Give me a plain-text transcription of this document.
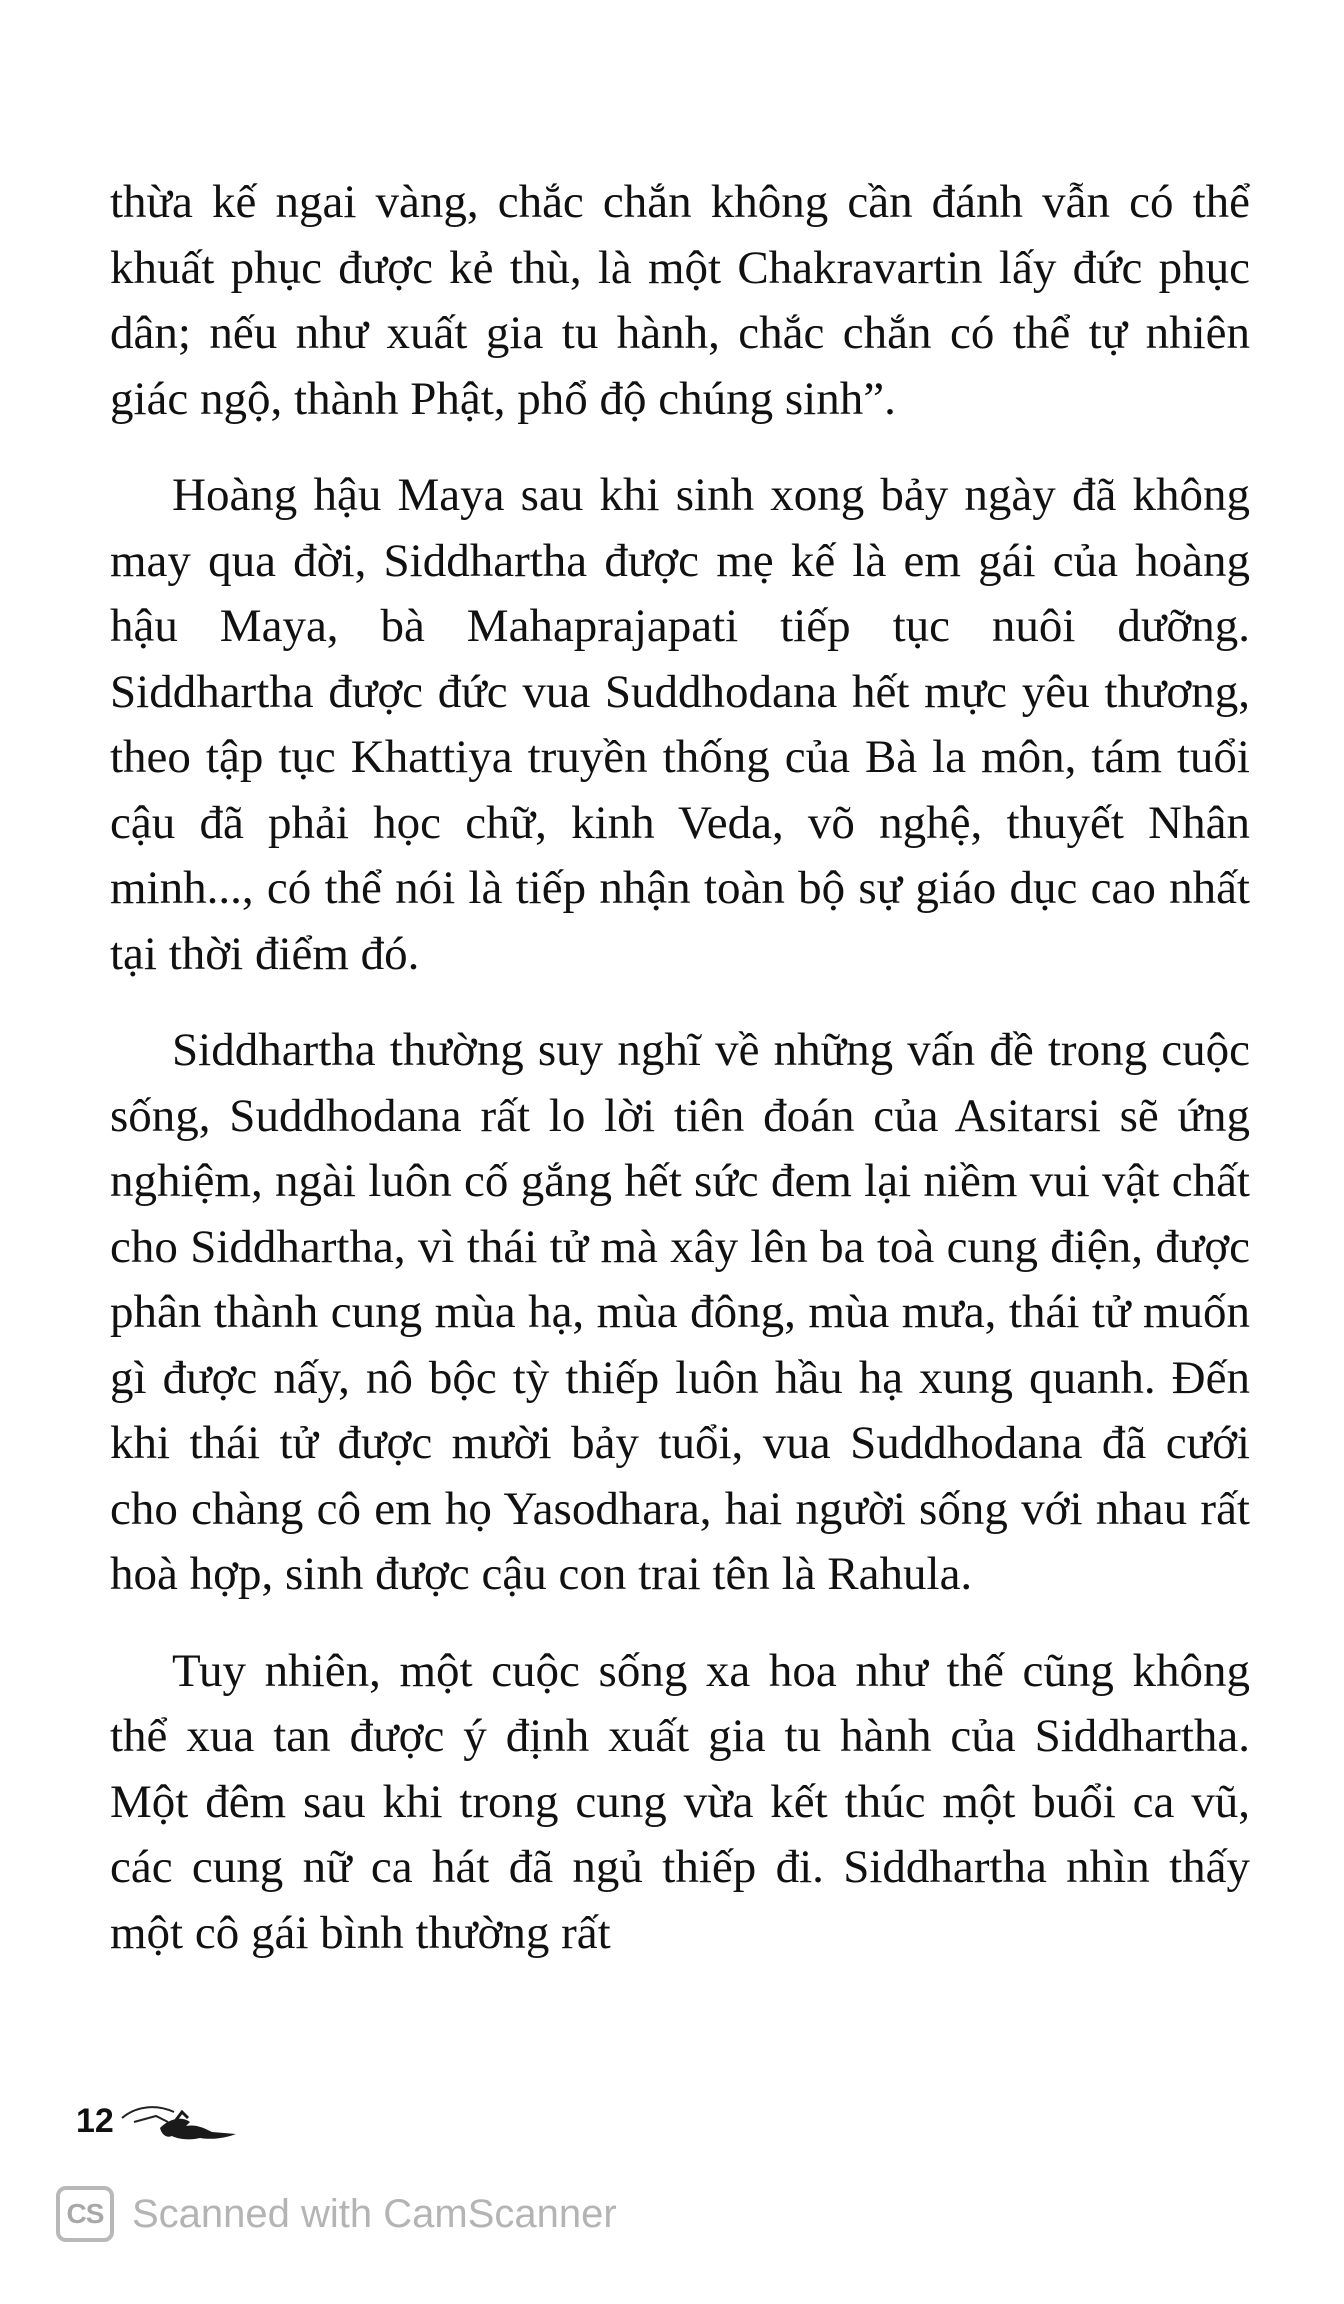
thừa kế ngai vàng, chắc chắn không cần đánh vẫn có thể khuất phục được kẻ thù, là một Chakravartin lấy đức phục dân; nếu như xuất gia tu hành, chắc chắn có thể tự nhiên giác ngộ, thành Phật, phổ độ chúng sinh”.

Hoàng hậu Maya sau khi sinh xong bảy ngày đã không may qua đời, Siddhartha được mẹ kế là em gái của hoàng hậu Maya, bà Mahaprajapati tiếp tục nuôi dưỡng. Siddhartha được đức vua Suddhodana hết mực yêu thương, theo tập tục Khattiya truyền thống của Bà la môn, tám tuổi cậu đã phải học chữ, kinh Veda, võ nghệ, thuyết Nhân minh..., có thể nói là tiếp nhận toàn bộ sự giáo dục cao nhất tại thời điểm đó.

Siddhartha thường suy nghĩ về những vấn đề trong cuộc sống, Suddhodana rất lo lời tiên đoán của Asitarsi sẽ ứng nghiệm, ngài luôn cố gắng hết sức đem lại niềm vui vật chất cho Siddhartha, vì thái tử mà xây lên ba toà cung điện, được phân thành cung mùa hạ, mùa đông, mùa mưa, thái tử muốn gì được nấy, nô bộc tỳ thiếp luôn hầu hạ xung quanh. Đến khi thái tử được mười bảy tuổi, vua Suddhodana đã cưới cho chàng cô em họ Yasodhara, hai người sống với nhau rất hoà hợp, sinh được cậu con trai tên là Rahula.

Tuy nhiên, một cuộc sống xa hoa như thế cũng không thể xua tan được ý định xuất gia tu hành của Siddhartha. Một đêm sau khi trong cung vừa kết thúc một buổi ca vũ, các cung nữ ca hát đã ngủ thiếp đi. Siddhartha nhìn thấy một cô gái bình thường rất

12
CS Scanned with CamScanner
